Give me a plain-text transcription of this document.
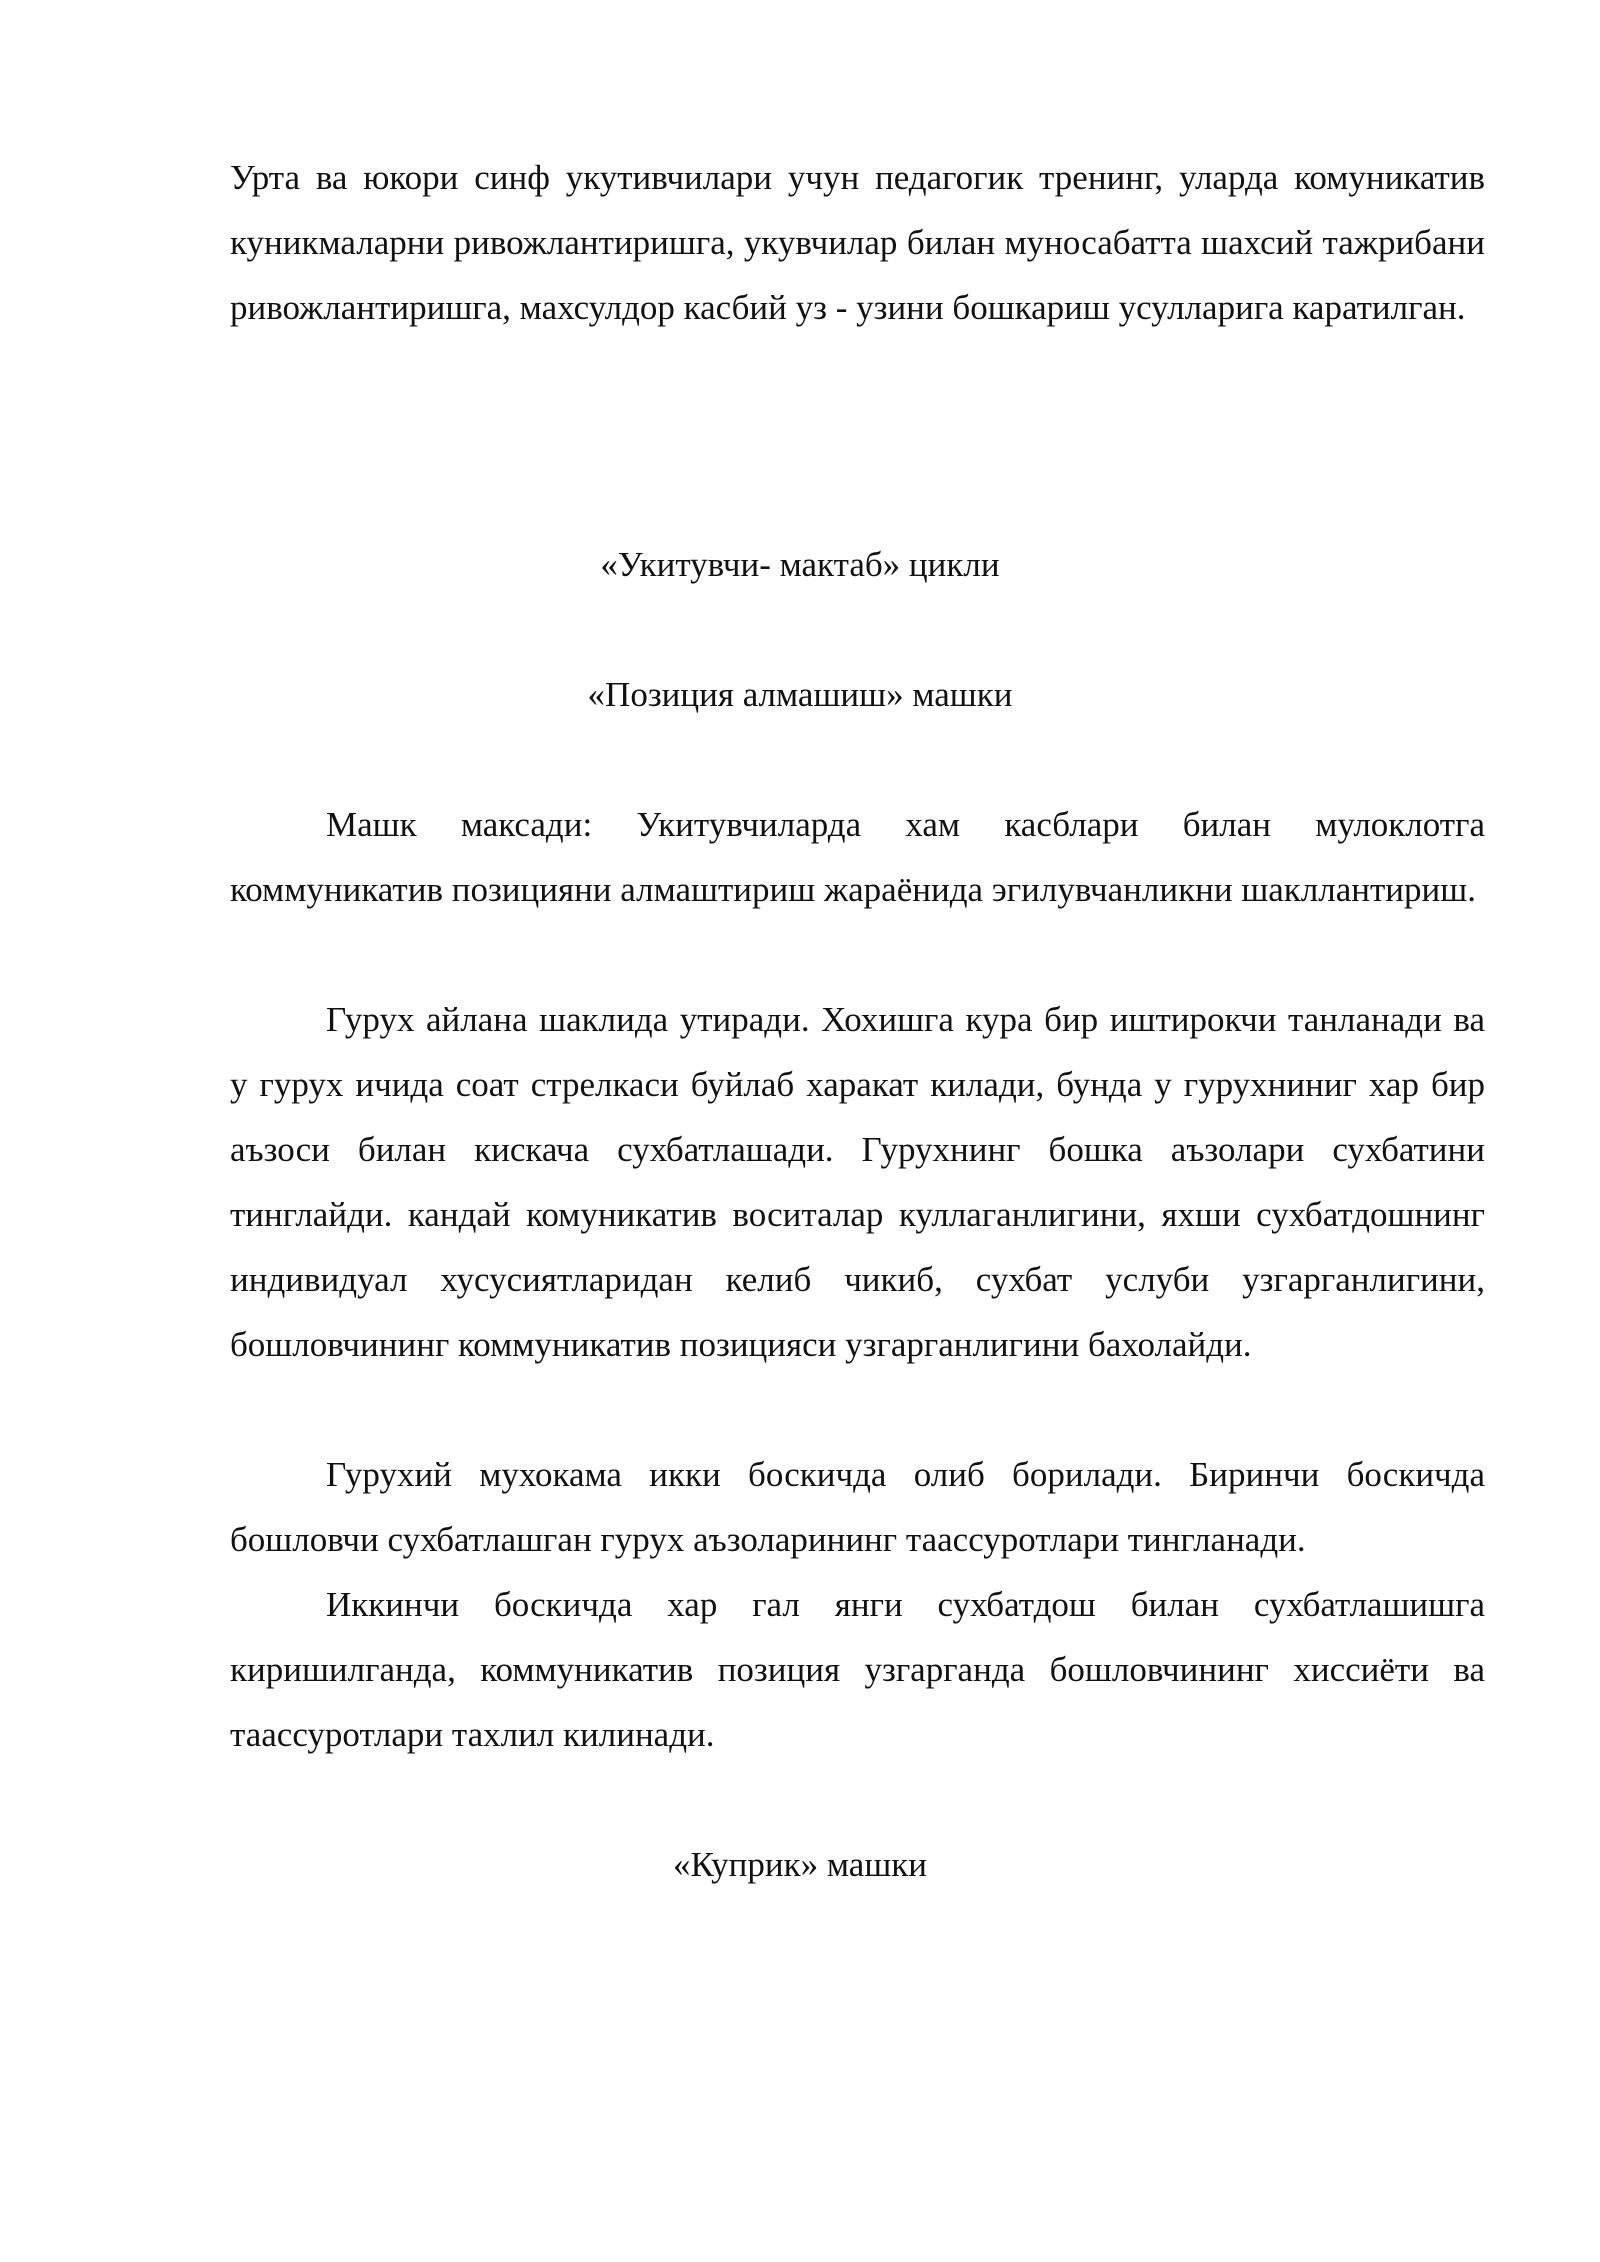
Урта ва юкори синф укутивчилари учун педагогик тренинг, уларда комуникатив куникмаларни ривожлантиришга, укувчилар билан муносабатта шахсий тажрибани ривожлантиришга, махсулдор касбий уз - узини бошкариш усулларига каратилган.

«Укитувчи- мактаб» цикли
«Позиция алмашиш» машки

Машк максади: Укитувчиларда хам касблари билан мулоклотга коммуникатив позицияни алмаштириш жараёнида эгилувчанликни шакллантириш.

Гурух айлана шаклида утиради. Хохишга кура бир иштирокчи танланади ва у гурух ичида соат стрелкаси буйлаб харакат килади, бунда у гурухниниг хар бир аъзоси билан кискача сухбатлашади. Гурухнинг бошка аъзолари сухбатини тинглайди. кандай комуникатив воситалар куллаганлигини, яхши сухбатдошнинг индивидуал хусусиятларидан келиб чикиб, сухбат услуби узгарганлигини, бошловчининг коммуникатив позицияси узгарганлигини бахолайди.

Гурухий мухокама икки боскичда олиб борилади. Биринчи боскичда бошловчи сухбатлашган гурух аъзоларининг таассуротлари тингланади.

Иккинчи боскичда хар гал янги сухбатдош билан сухбатлашишга киришилганда, коммуникатив позиция узгарганда бошловчининг хиссиёти ва таассуротлари тахлил килинади.

«Куприк» машки
